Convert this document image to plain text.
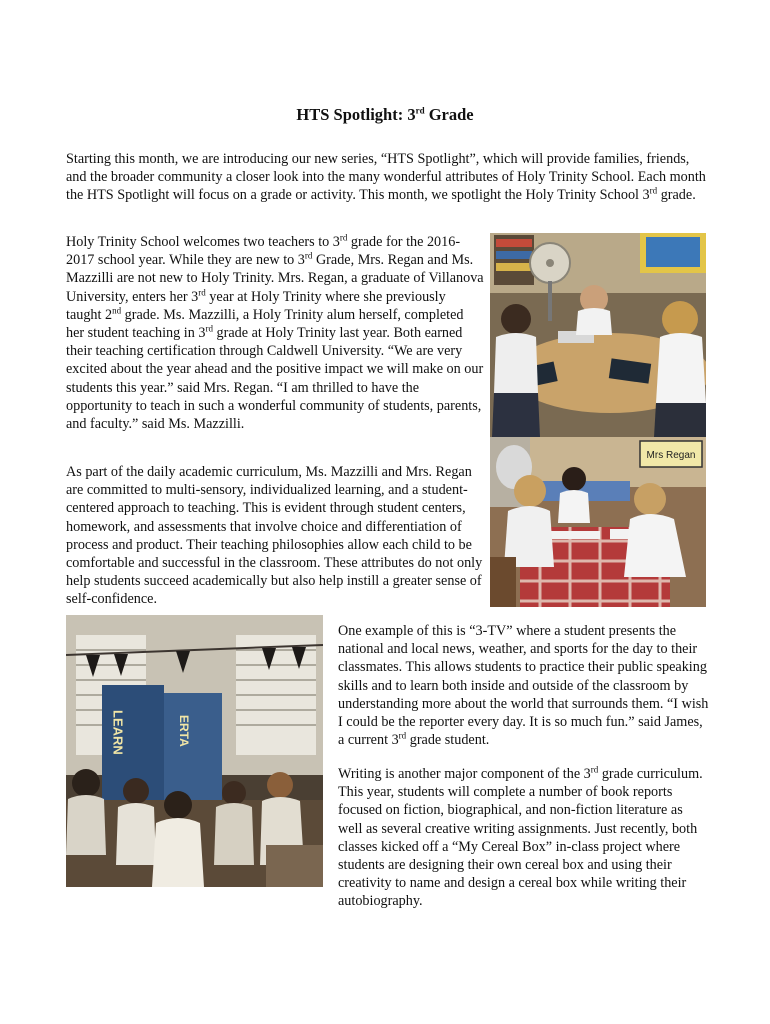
HTS Spotlight: 3rd Grade

Starting this month, we are introducing our new series, “HTS Spotlight”, which will provide families, friends, and the broader community a closer look into the many wonderful attributes of Holy Trinity School. Each month the HTS Spotlight will focus on a grade or activity. This month, we spotlight the Holy Trinity School 3rd grade.

Holy Trinity School welcomes two teachers to 3rd grade for the 2016-2017 school year. While they are new to 3rd Grade, Mrs. Regan and Ms. Mazzilli are not new to Holy Trinity. Mrs. Regan, a graduate of Villanova University, enters her 3rd year at Holy Trinity where she previously taught 2nd grade. Ms. Mazzilli, a Holy Trinity alum herself, completed her student teaching in 3rd grade at Holy Trinity last year. Both earned their teaching certification through Caldwell University. “We are very excited about the year ahead and the positive impact we will make on our students this year.” said Mrs. Regan. “I am thrilled to have the opportunity to teach in such a wonderful community of students, parents, and faculty.” said Ms. Mazzilli.

As part of the daily academic curriculum, Ms. Mazzilli and Mrs. Regan are committed to multi-sensory, individualized learning, and a student-centered approach to teaching. This is evident through student centers, homework, and assessments that involve choice and differentiation of process and product. Their teaching philosophies allow each child to be comfortable and successful in the classroom. These attributes do not only help students succeed academically but also help instill a greater sense of self-confidence.

One example of this is “3-TV” where a student presents the national and local news, weather, and sports for the day to their classmates. This allows students to practice their public speaking skills and to learn both inside and outside of the classroom by understanding more about the world that surrounds them. “I wish I could be the reporter every day. It is so much fun.” said James, a current 3rd grade student.

Writing is another major component of the 3rd grade curriculum. This year, students will complete a number of book reports focused on fiction, biographical, and non-fiction literature as well as several creative writing assignments. Just recently, both classes kicked off a “My Cereal Box” in-class project where students are designing their own cereal box and using their creativity to name and design a cereal box while writing their autobiography.

Mrs Regan
LEARN	ERTA
